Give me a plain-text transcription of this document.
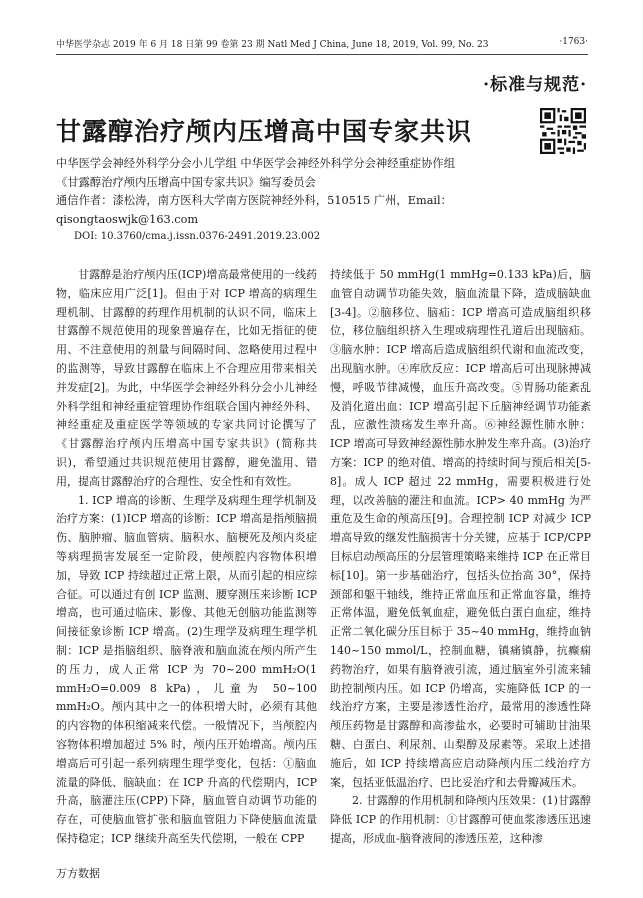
中华医学杂志 2019 年 6 月 18 日第 99 卷第 23 期 Natl Med J China, June 18, 2019, Vol. 99, No. 23	·1763·
·标准与规范·
甘露醇治疗颅内压增高中国专家共识
中华医学会神经外科学分会小儿学组 中华医学会神经外科学分会神经重症协作组
《甘露醇治疗颅内压增高中国专家共识》编写委员会
通信作者：漆松涛，南方医科大学南方医院神经外科，510515 广州，Email：
qisongtaoswjk@163.com
DOI: 10.3760/cma.j.issn.0376-2491.2019.23.002

甘露醇是治疗颅内压(ICP)增高最常使用的一线药物，临床应用广泛[1]。但由于对 ICP 增高的病理生理机制、甘露醇的药理作用机制的认识不同，临床上甘露醇不规范使用的现象普遍存在，比如无指征的使用、不注意使用的剂量与间隔时间、忽略使用过程中的监测等，导致甘露醇在临床上不合理应用带来相关并发症[2]。为此，中华医学会神经外科分会小儿神经外科学组和神经重症管理协作组联合国内神经外科、神经重症及重症医学等领域的专家共同讨论撰写了《甘露醇治疗颅内压增高中国专家共识》(简称共识)，希望通过共识规范使用甘露醇，避免滥用、错用，提高甘露醇治疗的合理性、安全性和有效性。

1. ICP 增高的诊断、生理学及病理生理学机制及治疗方案：(1)ICP 增高的诊断：ICP 增高是指颅脑损伤、脑肿瘤、脑血管病、脑积水、脑梗死及颅内炎症等病理损害发展至一定阶段，使颅腔内容物体积增加，导致 ICP 持续超过正常上限，从而引起的相应综合征。可以通过有创 ICP 监测、腰穿测压来诊断 ICP 增高，也可通过临床、影像、其他无创脑功能监测等间接征象诊断 ICP 增高。(2)生理学及病理生理学机制：ICP 是指脑组织、脑脊液和脑血流在颅内所产生的压力，成人正常 ICP 为 70~200 mmH₂O(1 mmH₂O=0.009 8 kPa)，儿童为 50~100 mmH₂O。颅内其中之一的体积增大时，必须有其他的内容物的体积缩减来代偿。一般情况下，当颅腔内容物体积增加超过 5% 时，颅内压开始增高。颅内压增高后可引起一系列病理生理学变化，包括：①脑血流量的降低、脑缺血：在 ICP 升高的代偿期内，ICP 升高，脑灌注压(CPP)下降，脑血管自动调节功能的存在，可使脑血管扩张和脑血管阻力下降使脑血流量保持稳定；ICP 继续升高至失代偿期，一般在 CPP

持续低于 50 mmHg(1 mmHg=0.133 kPa)后，脑血管自动调节功能失效，脑血流量下降，造成脑缺血[3-4]。②脑移位、脑疝：ICP 增高可造成脑组织移位，移位脑组织挤入生理或病理性孔道后出现脑疝。③脑水肿：ICP 增高后造成脑组织代谢和血流改变，出现脑水肿。④库欣反应：ICP 增高后可出现脉搏减慢，呼吸节律减慢，血压升高改变。⑤胃肠功能紊乱及消化道出血：ICP 增高引起下丘脑神经调节功能紊乱，应激性溃疡发生率升高。⑥神经源性肺水肿：ICP 增高可导致神经源性肺水肿发生率升高。(3)治疗方案：ICP 的绝对值、增高的持续时间与预后相关[5-8]。成人 ICP 超过 22 mmHg，需要积极进行处理，以改善脑的灌注和血流。ICP> 40 mmHg 为严重危及生命的颅高压[9]。合理控制 ICP 对减少 ICP 增高导致的继发性脑损害十分关键，应基于 ICP/CPP 目标启动颅高压的分层管理策略来维持 ICP 在正常目标[10]。第一步基础治疗，包括头位抬高 30°，保持颈部和躯干轴线，维持正常血压和正常血容量，维持正常体温，避免低氧血症，避免低白蛋白血症，维持正常二氧化碳分压目标于 35~40 mmHg，维持血钠 140~150 mmol/L，控制血糖，镇痛镇静，抗癫痫药物治疗，如果有脑脊液引流，通过脑室外引流来辅助控制颅内压。如 ICP 仍增高，实施降低 ICP 的一线治疗方案，主要是渗透性治疗，最常用的渗透性降颅压药物是甘露醇和高渗盐水，必要时可辅助甘油果糖、白蛋白、利尿剂、山梨醇及尿素等。采取上述措施后，如 ICP 持续增高应启动降颅内压二线治疗方案，包括亚低温治疗、巴比妥治疗和去骨瓣减压术。

2. 甘露醇的作用机制和降颅内压效果：(1)甘露醇降低 ICP 的作用机制：①甘露醇可使血浆渗透压迅速提高，形成血-脑脊液间的渗透压差，这种渗

万方数据
